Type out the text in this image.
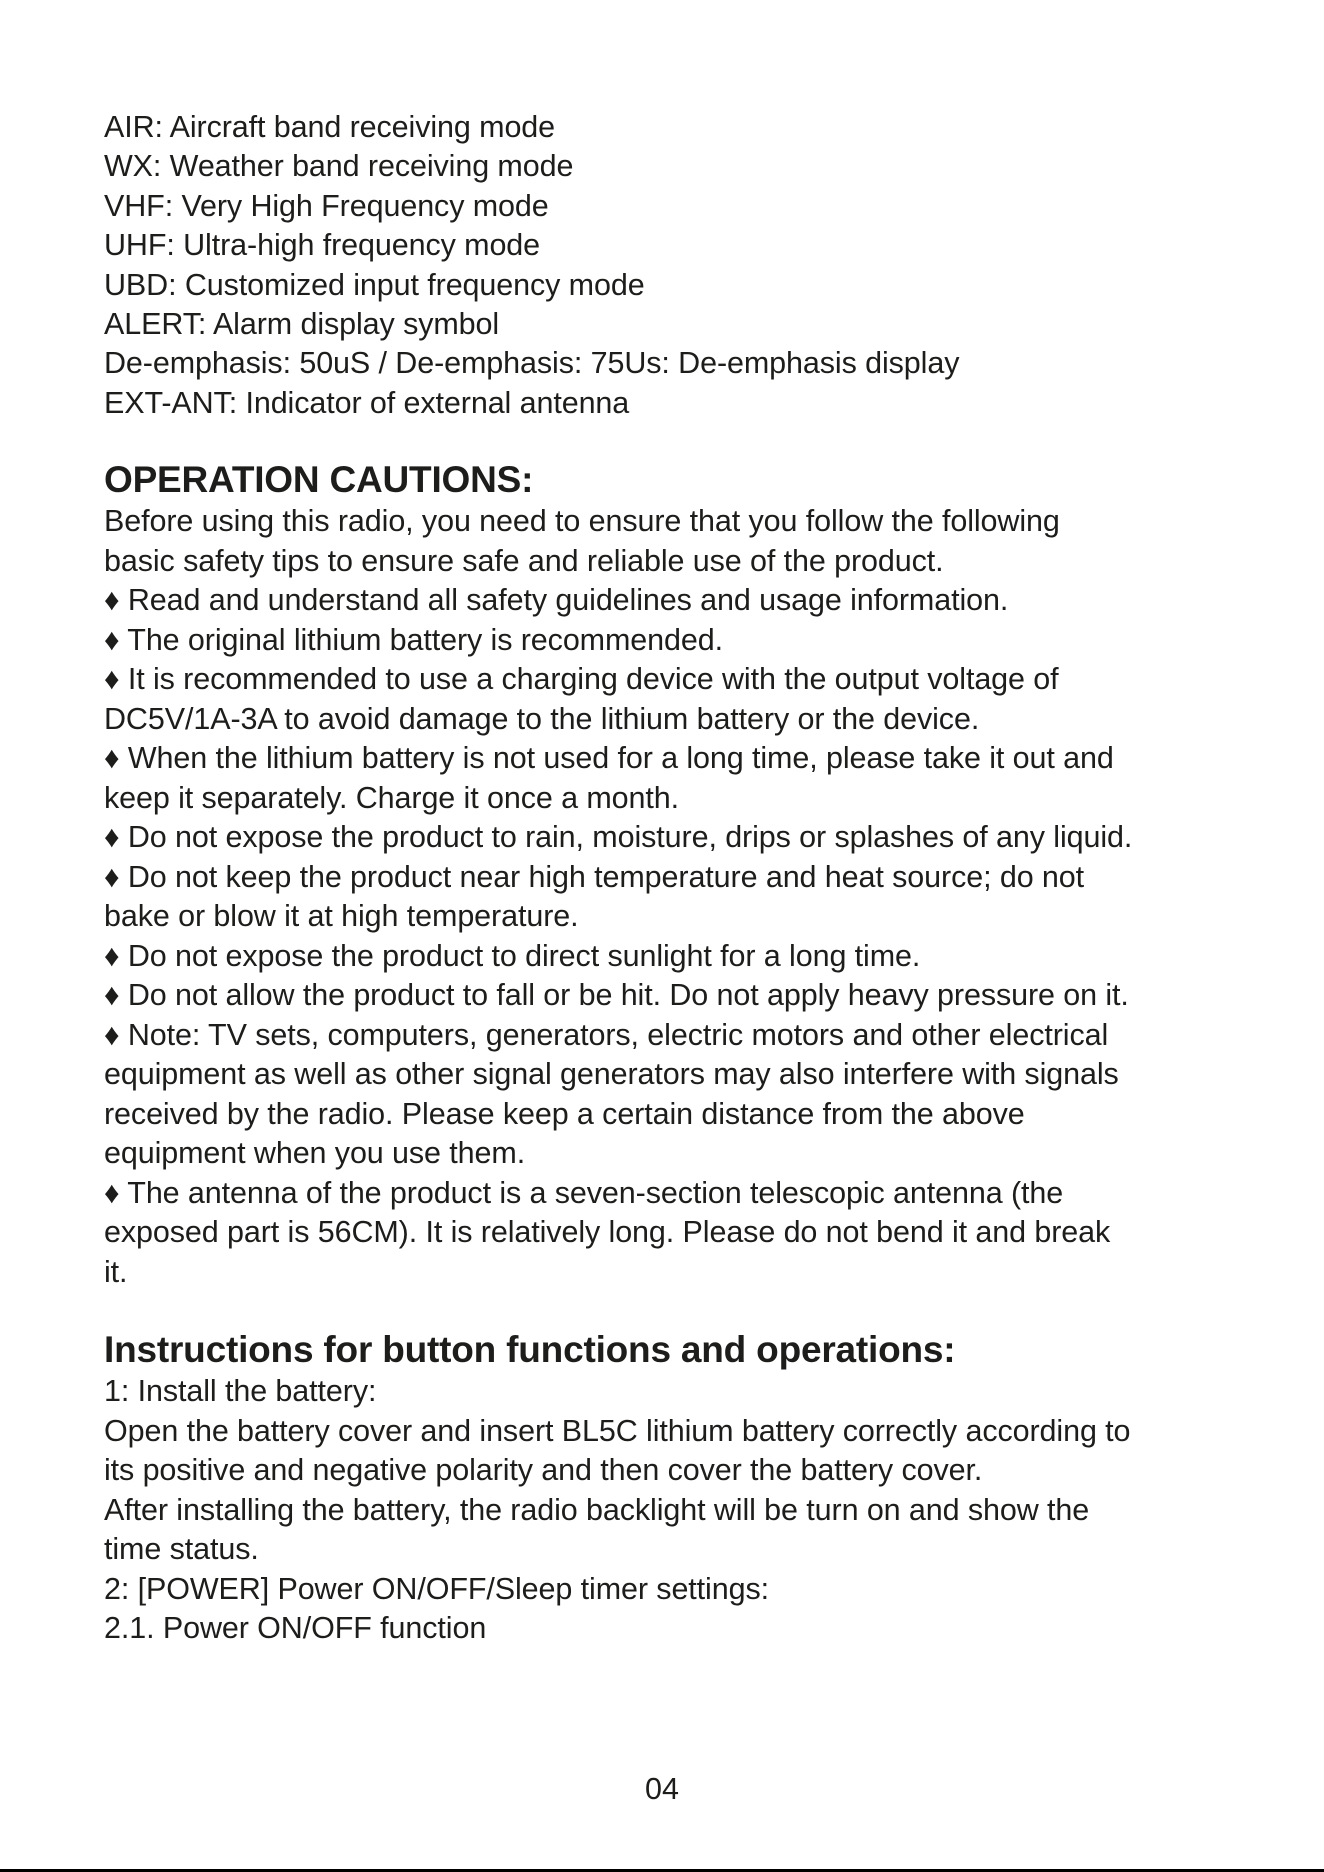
AIR: Aircraft band receiving mode
WX: Weather band receiving mode
VHF: Very High Frequency mode
UHF: Ultra-high frequency mode
UBD: Customized input frequency mode
ALERT: Alarm display symbol
De-emphasis: 50uS / De-emphasis: 75Us: De-emphasis display
EXT-ANT: Indicator of external antenna
OPERATION CAUTIONS:
Before using this radio, you need to ensure that you follow the following
basic safety tips to ensure safe and reliable use of the product.
♦ Read and understand all safety guidelines and usage information.
♦ The original lithium battery is recommended.
♦ It is recommended to use a charging device with the output voltage of
DC5V/1A-3A to avoid damage to the lithium battery or the device.
♦ When the lithium battery is not used for a long time, please take it out and
keep it separately. Charge it once a month.
♦ Do not expose the product to rain, moisture, drips or splashes of any liquid.
♦ Do not keep the product near high temperature and heat source; do not
bake or blow it at high temperature.
♦ Do not expose the product to direct sunlight for a long time.
♦ Do not allow the product to fall or be hit. Do not apply heavy pressure on it.
♦ Note: TV sets, computers, generators, electric motors and other electrical
equipment as well as other signal generators may also interfere with signals
received by the radio. Please keep a certain distance from the above
equipment when you use them.
♦ The antenna of the product is a seven-section telescopic antenna (the
exposed part is 56CM). It is relatively long. Please do not bend it and break
it.
Instructions for button functions and operations:
1: Install the battery:
Open the battery cover and insert BL5C lithium battery correctly according to
its positive and negative polarity and then cover the battery cover.
After installing the battery, the radio backlight will be turn on and show the
time status.
2: [POWER] Power ON/OFF/Sleep timer settings:
2.1. Power ON/OFF function
04
